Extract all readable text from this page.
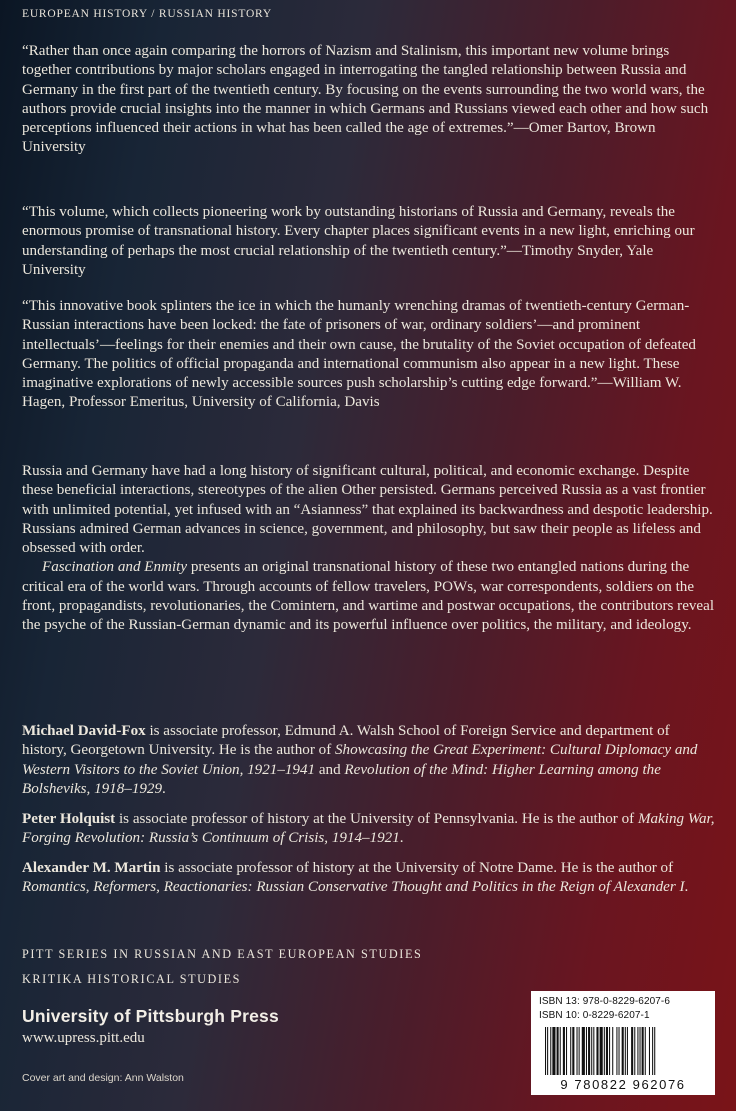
EUROPEAN HISTORY / RUSSIAN HISTORY

“Rather than once again comparing the horrors of Nazism and Stalinism, this important new volume brings together contributions by major scholars engaged in interrogating the tangled relationship between Russia and Germany in the first part of the twentieth century. By focusing on the events surrounding the two world wars, the authors provide crucial insights into the manner in which Germans and Russians viewed each other and how such perceptions influenced their actions in what has been called the age of extremes.”—Omer Bartov, Brown University

“This volume, which collects pioneering work by outstanding historians of Russia and Germany, reveals the enormous promise of transnational history. Every chapter places significant events in a new light, enriching our understanding of perhaps the most crucial relationship of the twentieth century.”—Timothy Snyder, Yale University

“This innovative book splinters the ice in which the humanly wrenching dramas of twentieth-century German-Russian interactions have been locked: the fate of prisoners of war, ordinary soldiers’—and prominent intellectuals’—feelings for their enemies and their own cause, the brutality of the Soviet occupation of defeated Germany. The politics of official propaganda and international communism also appear in a new light. These imaginative explorations of newly accessible sources push scholarship’s cutting edge forward.”—William W. Hagen, Professor Emeritus, University of California, Davis

Russia and Germany have had a long history of significant cultural, political, and economic exchange. Despite these beneficial interactions, stereotypes of the alien Other persisted. Germans perceived Russia as a vast frontier with unlimited potential, yet infused with an “Asianness” that explained its backwardness and despotic leadership. Russians admired German advances in science, government, and philosophy, but saw their people as lifeless and obsessed with order.

Fascination and Enmity presents an original transnational history of these two entangled nations during the critical era of the world wars. Through accounts of fellow travelers, POWs, war correspondents, soldiers on the front, propagandists, revolutionaries, the Comintern, and wartime and postwar occupations, the contributors reveal the psyche of the Russian-German dynamic and its powerful influence over politics, the military, and ideology.

Michael David-Fox is associate professor, Edmund A. Walsh School of Foreign Service and department of history, Georgetown University. He is the author of Showcasing the Great Experiment: Cultural Diplomacy and Western Visitors to the Soviet Union, 1921–1941 and Revolution of the Mind: Higher Learning among the Bolsheviks, 1918–1929.

Peter Holquist is associate professor of history at the University of Pennsylvania. He is the author of Making War, Forging Revolution: Russia’s Continuum of Crisis, 1914–1921.

Alexander M. Martin is associate professor of history at the University of Notre Dame. He is the author of Romantics, Reformers, Reactionaries: Russian Conservative Thought and Politics in the Reign of Alexander I.

PITT SERIES IN RUSSIAN AND EAST EUROPEAN STUDIES
KRITIKA HISTORICAL STUDIES
University of Pittsburgh Press
www.upress.pitt.edu
Cover art and design: Ann Walston
ISBN 13: 978-0-8229-6207-6
ISBN 10: 0-8229-6207-1
9 780822 962076
